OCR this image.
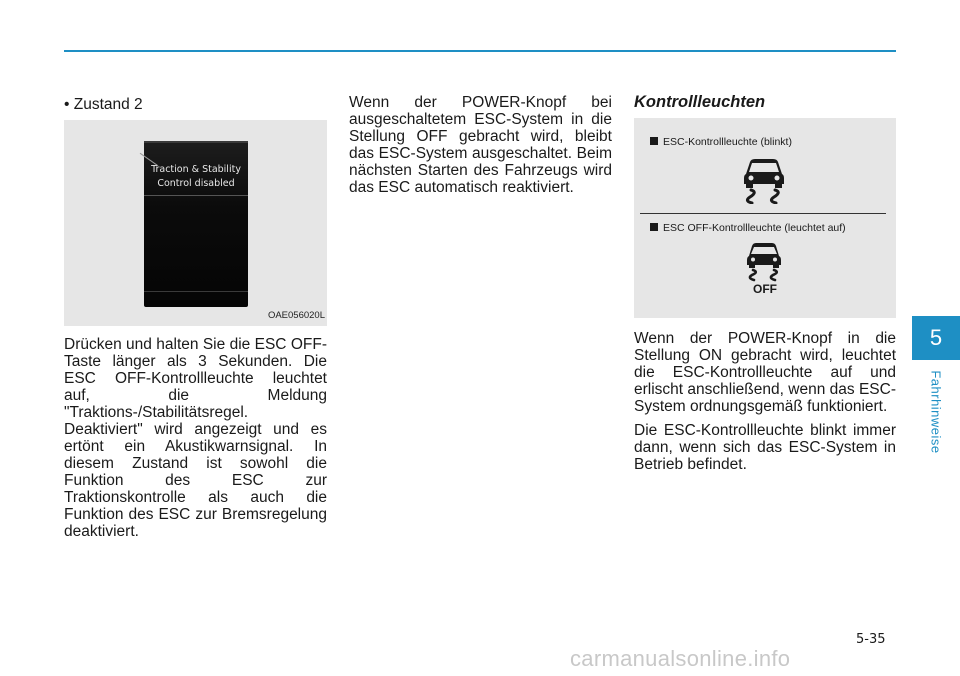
• Zustand 2

Traction & Stability
Control disabled
OAE056020L

Drücken und halten Sie die ESC OFF-Taste länger als 3 Sekunden. Die ESC OFF-Kontrollleuchte leuchtet auf, die Meldung "Traktions-/Stabilitätsregel. Deaktiviert" wird angezeigt und es ertönt ein Akustikwarnsignal. In diesem Zustand ist sowohl die Funktion des ESC zur Traktionskontrolle als auch die Funktion des ESC zur Bremsregelung deaktiviert.

Wenn der POWER-Knopf bei ausgeschaltetem ESC-System in die Stellung OFF gebracht wird, bleibt das ESC-System ausgeschaltet. Beim nächsten Starten des Fahrzeugs wird das ESC automatisch reaktiviert.

Kontrollleuchten

ESC-Kontrollleuchte (blinkt)
ESC OFF-Kontrollleuchte (leuchtet auf)
OFF

Wenn der POWER-Knopf in die Stellung ON gebracht wird, leuchtet die ESC-Kontrollleuchte auf und erlischt anschließend, wenn das ESC-System ordnungsgemäß funktioniert.

Die ESC-Kontrollleuchte blinkt immer dann, wenn sich das ESC-System in Betrieb befindet.

5
Fahrhinweise
5-35
carmanualsonline.info
